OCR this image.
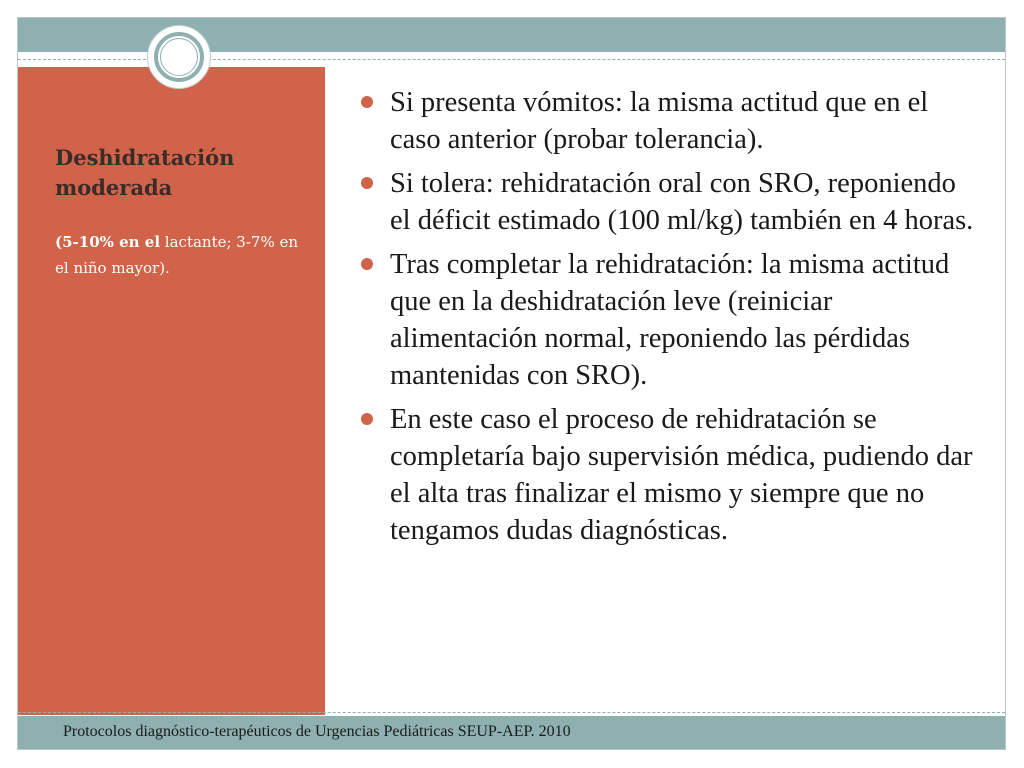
Deshidratación moderada

(5-10% en el lactante; 3-7% en el niño mayor).

Si presenta vómitos: la misma actitud que en el caso anterior (probar tolerancia).
Si tolera: rehidratación oral con SRO, reponiendo el déficit estimado (100 ml/kg) también en 4 horas.
Tras completar la rehidratación: la misma actitud que en la deshidratación leve (reiniciar alimentación normal, reponiendo las pérdidas mantenidas con SRO).
En este caso el proceso de rehidratación se completaría bajo supervisión médica, pudiendo dar el alta tras finalizar el mismo y siempre que no tengamos dudas diagnósticas.
Protocolos diagnóstico-terapéuticos de Urgencias Pediátricas SEUP-AEP. 2010
